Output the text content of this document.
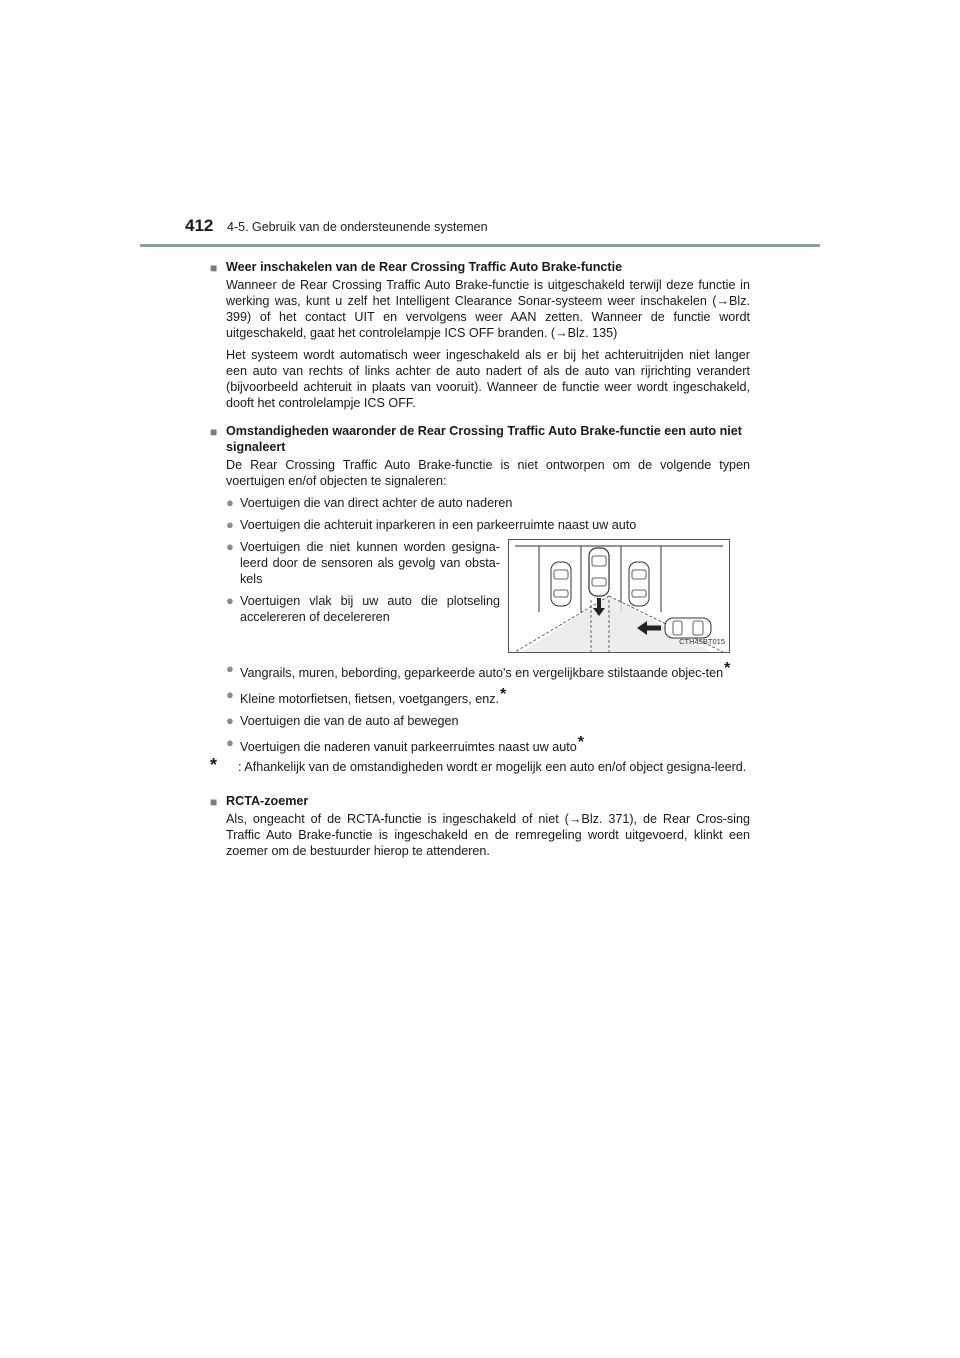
412 4-5. Gebruik van de ondersteunende systemen
■ Weer inschakelen van de Rear Crossing Traffic Auto Brake-functie
Wanneer de Rear Crossing Traffic Auto Brake-functie is uitgeschakeld terwijl deze functie in werking was, kunt u zelf het Intelligent Clearance Sonar-systeem weer inschakelen (→Blz. 399) of het contact UIT en vervolgens weer AAN zetten. Wanneer de functie wordt uitgeschakeld, gaat het controlelampje ICS OFF branden. (→Blz. 135)
Het systeem wordt automatisch weer ingeschakeld als er bij het achteruitrijden niet langer een auto van rechts of links achter de auto nadert of als de auto van rijrichting verandert (bijvoorbeeld achteruit in plaats van vooruit). Wanneer de functie weer wordt ingeschakeld, dooft het controlelampje ICS OFF.
■ Omstandigheden waaronder de Rear Crossing Traffic Auto Brake-functie een auto niet signaleert
De Rear Crossing Traffic Auto Brake-functie is niet ontworpen om de volgende typen voertuigen en/of objecten te signaleren:
● Voertuigen die van direct achter de auto naderen
● Voertuigen die achteruit inparkeren in een parkeerruimte naast uw auto
● Voertuigen die niet kunnen worden gesigna-leerd door de sensoren als gevolg van obsta-kels
● Voertuigen vlak bij uw auto die plotseling accelereren of decelereren
CTH45BT015
● Vangrails, muren, bebording, geparkeerde auto's en vergelijkbare stilstaande objec-ten*
● Kleine motorfietsen, fietsen, voetgangers, enz.*
● Voertuigen die van de auto af bewegen
● Voertuigen die naderen vanuit parkeerruimtes naast uw auto*
*	: Afhankelijk van de omstandigheden wordt er mogelijk een auto en/of object gesigna-leerd.
■ RCTA-zoemer
Als, ongeacht of de RCTA-functie is ingeschakeld of niet (→Blz. 371), de Rear Cros-sing Traffic Auto Brake-functie is ingeschakeld en de remregeling wordt uitgevoerd, klinkt een zoemer om de bestuurder hierop te attenderen.
